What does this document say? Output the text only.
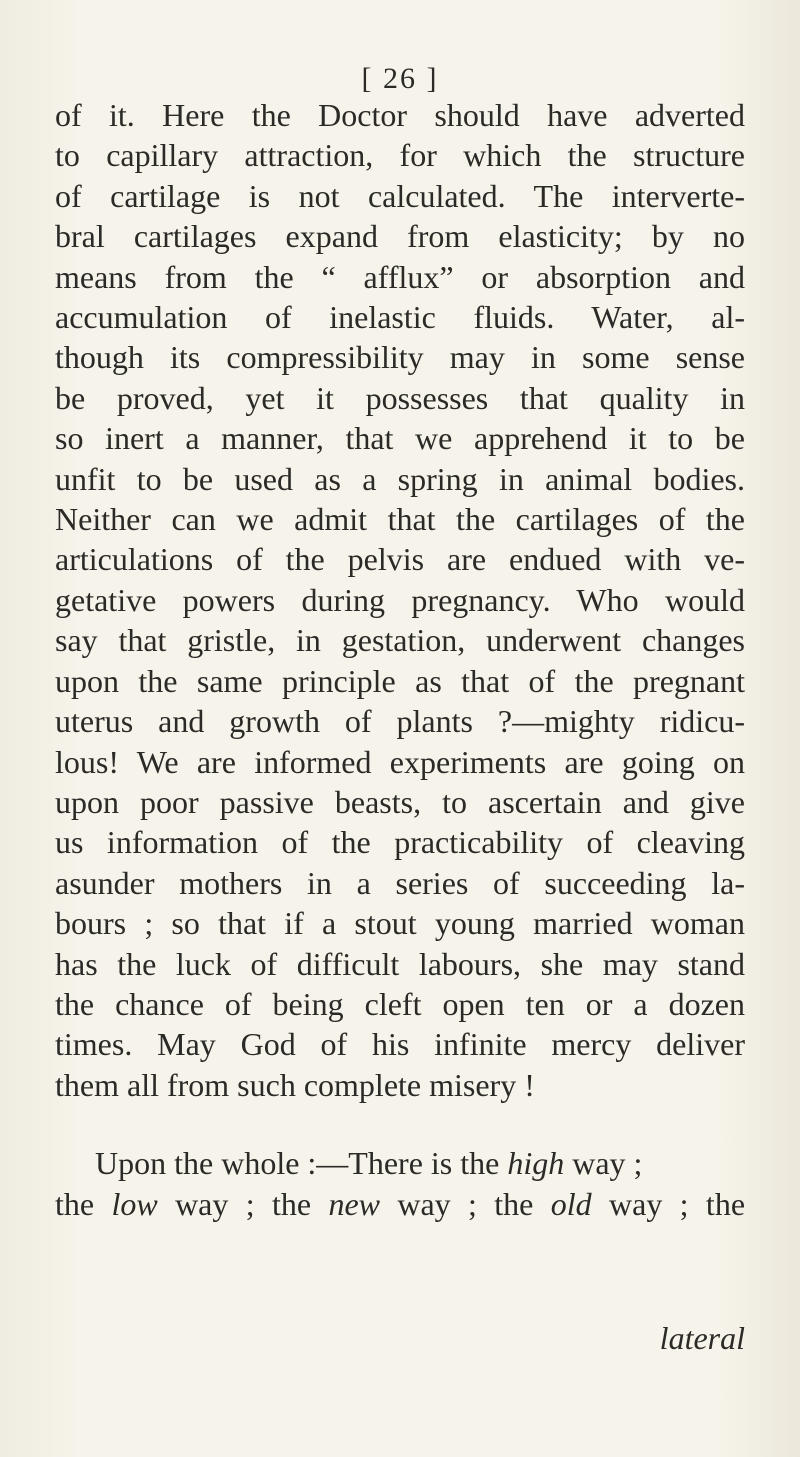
[ 26 ]
of it. Here the Doctor should have adverted
to capillary attraction, for which the structure
of cartilage is not calculated. The interverte-
bral cartilages expand from elasticity; by no
means from the “ afflux” or absorption and
accumulation of inelastic fluids. Water, al-
though its compressibility may in some sense
be proved, yet it possesses that quality in
so inert a manner, that we apprehend it to be
unfit to be used as a spring in animal bodies.
Neither can we admit that the cartilages of the
articulations of the pelvis are endued with ve-
getative powers during pregnancy. Who would
say that gristle, in gestation, underwent changes
upon the same principle as that of the pregnant
uterus and growth of plants ?—mighty ridicu-
lous! We are informed experiments are going on
upon poor passive beasts, to ascertain and give
us information of the practicability of cleaving
asunder mothers in a series of succeeding la-
bours ; so that if a stout young married woman
has the luck of difficult labours, she may stand
the chance of being cleft open ten or a dozen
times. May God of his infinite mercy deliver
them all from such complete misery !
Upon the whole :—There is the high way ;
the low way ; the new way ; the old way ; the
lateral
